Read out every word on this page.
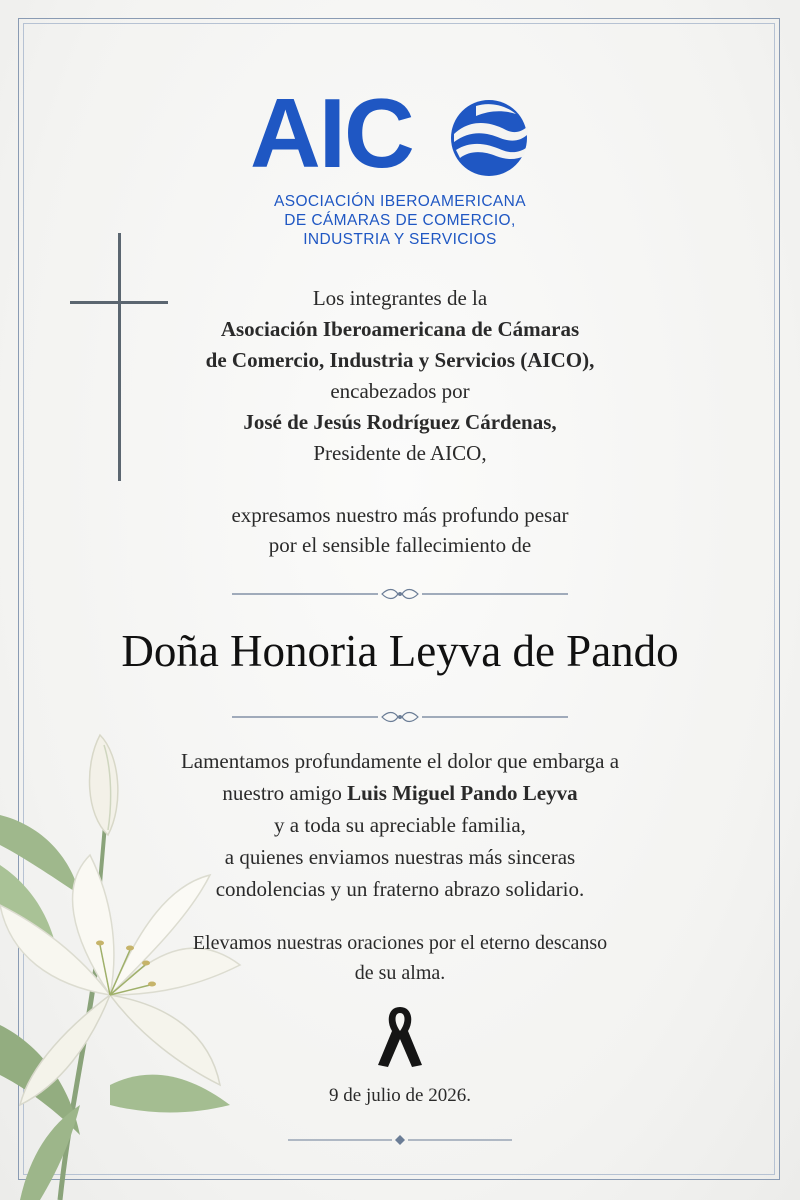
AIC
ASOCIACIÓN IBEROAMERICANA
DE CÁMARAS DE COMERCIO,
INDUSTRIA Y SERVICIOS
Los integrantes de la
Asociación Iberoamericana de Cámaras
de Comercio, Industria y Servicios (AICO),
encabezados por
José de Jesús Rodríguez Cárdenas,
Presidente de AICO,
expresamos nuestro más profundo pesar
por el sensible fallecimiento de
Doña Honoria Leyva de Pando
Lamentamos profundamente el dolor que embarga a
nuestro amigo Luis Miguel Pando Leyva
y a toda su apreciable familia,
a quienes enviamos nuestras más sinceras
condolencias y un fraterno abrazo solidario.
Elevamos nuestras oraciones por el eterno descanso
de su alma.
9 de julio de 2026.
